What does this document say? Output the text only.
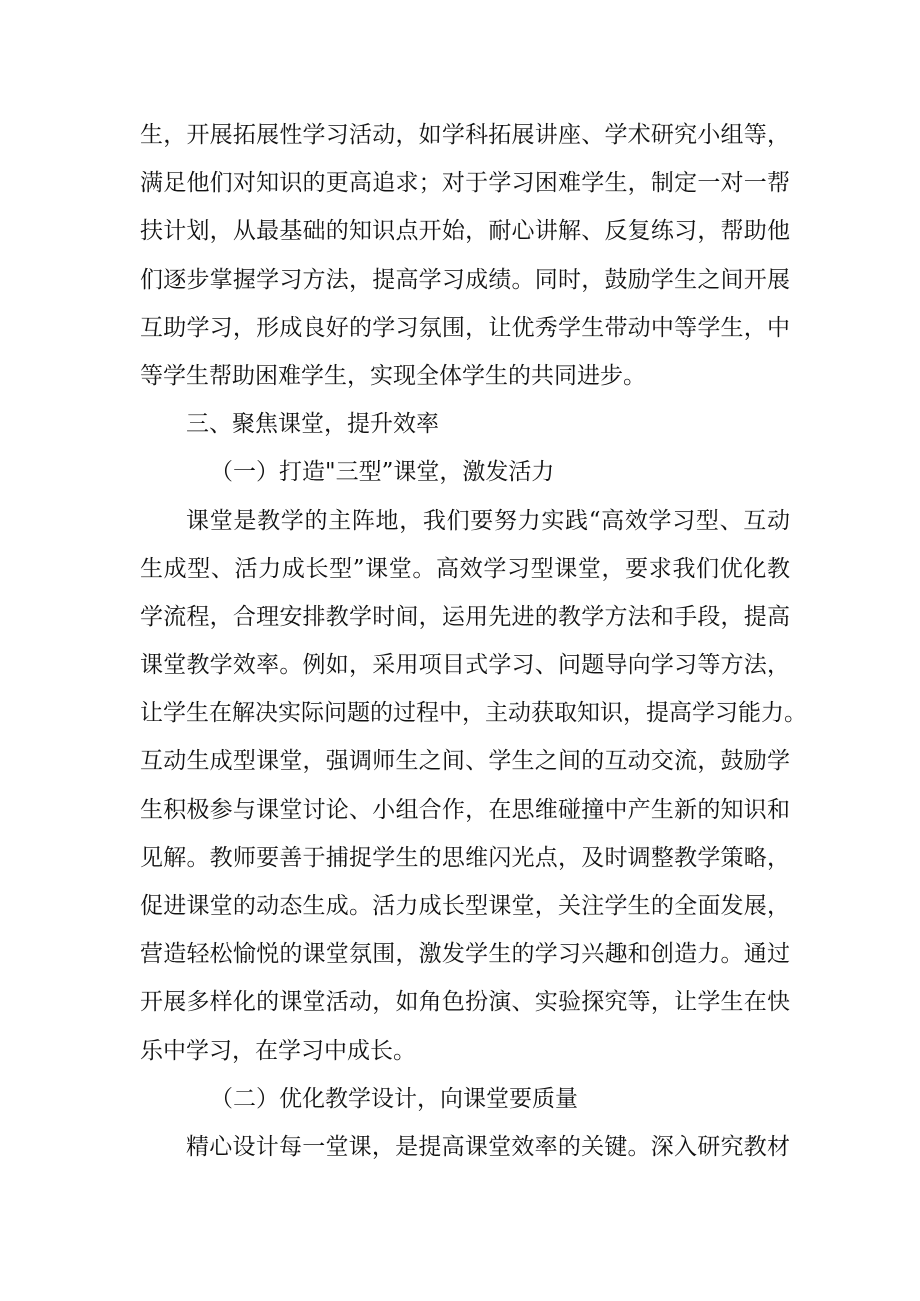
生，开展拓展性学习活动，如学科拓展讲座、学术研究小组等，
满足他们对知识的更高追求；对于学习困难学生，制定一对一帮
扶计划，从最基础的知识点开始，耐心讲解、反复练习，帮助他
们逐步掌握学习方法，提高学习成绩。同时，鼓励学生之间开展
互助学习，形成良好的学习氛围，让优秀学生带动中等学生，中
等学生帮助困难学生，实现全体学生的共同进步。
三、聚焦课堂，提升效率
（一）打造"三型”课堂，激发活力
课堂是教学的主阵地，我们要努力实践“高效学习型、互动
生成型、活力成长型”课堂。高效学习型课堂，要求我们优化教
学流程，合理安排教学时间，运用先进的教学方法和手段，提高
课堂教学效率。例如，采用项目式学习、问题导向学习等方法，
让学生在解决实际问题的过程中，主动获取知识，提高学习能力。
互动生成型课堂，强调师生之间、学生之间的互动交流，鼓励学
生积极参与课堂讨论、小组合作，在思维碰撞中产生新的知识和
见解。教师要善于捕捉学生的思维闪光点，及时调整教学策略，
促进课堂的动态生成。活力成长型课堂，关注学生的全面发展，
营造轻松愉悦的课堂氛围，激发学生的学习兴趣和创造力。通过
开展多样化的课堂活动，如角色扮演、实验探究等，让学生在快
乐中学习，在学习中成长。
（二）优化教学设计，向课堂要质量
精心设计每一堂课，是提高课堂效率的关键。深入研究教材
